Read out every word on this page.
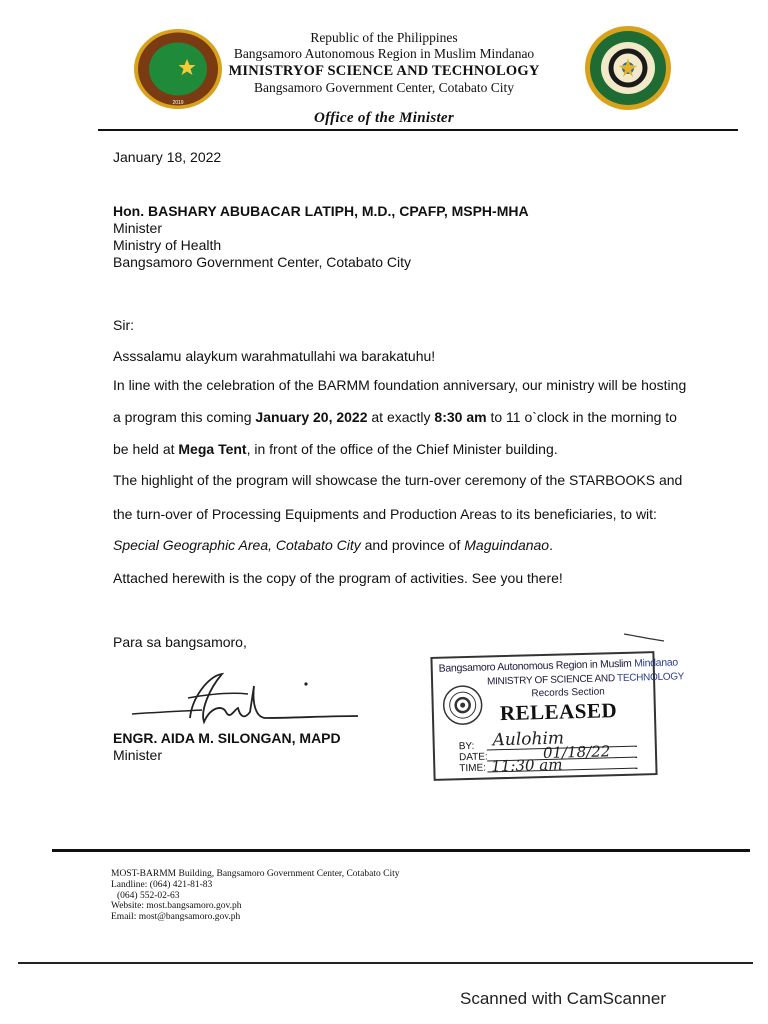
2019
Republic of the Philippines
Bangsamoro Autonomous Region in Muslim Mindanao
MINISTRYOF SCIENCE AND TECHNOLOGY
Bangsamoro Government Center, Cotabato City
Office of the Minister
January 18, 2022
Hon. BASHARY ABUBACAR LATIPH, M.D., CPAFP, MSPH-MHA
Minister
Ministry of Health
Bangsamoro Government Center, Cotabato City
Sir:
Asssalamu alaykum warahmatullahi wa barakatuhu!
In line with the celebration of the BARMM foundation anniversary, our ministry will be hosting
a program this coming January 20, 2022 at exactly 8:30 am to 11 o`clock in the morning to
be held at Mega Tent, in front of the office of the Chief Minister building.
The highlight of the program will showcase the turn-over ceremony of the STARBOOKS and
the turn-over of Processing Equipments and Production Areas to its beneficiaries, to wit:
Special Geographic Area, Cotabato City and province of Maguindanao.
Attached herewith is the copy of the program of activities. See you there!
Para sa bangsamoro,
ENGR. AIDA M. SILONGAN, MAPD
Minister
Bangsamoro Autonomous Region in Muslim Mindanao
MINISTRY OF SCIENCE AND TECHNOLOGY
Records Section
RELEASED
BY:
DATE:
TIME:
Aulohim
01/18/22
11:30 am
MOST-BARMM Building, Bangsamoro Government Center, Cotabato City
Landline: (064) 421-81-83
(064) 552-02-63
Website: most.bangsamoro.gov.ph
Email: most@bangsamoro.gov.ph
Scanned with CamScanner
